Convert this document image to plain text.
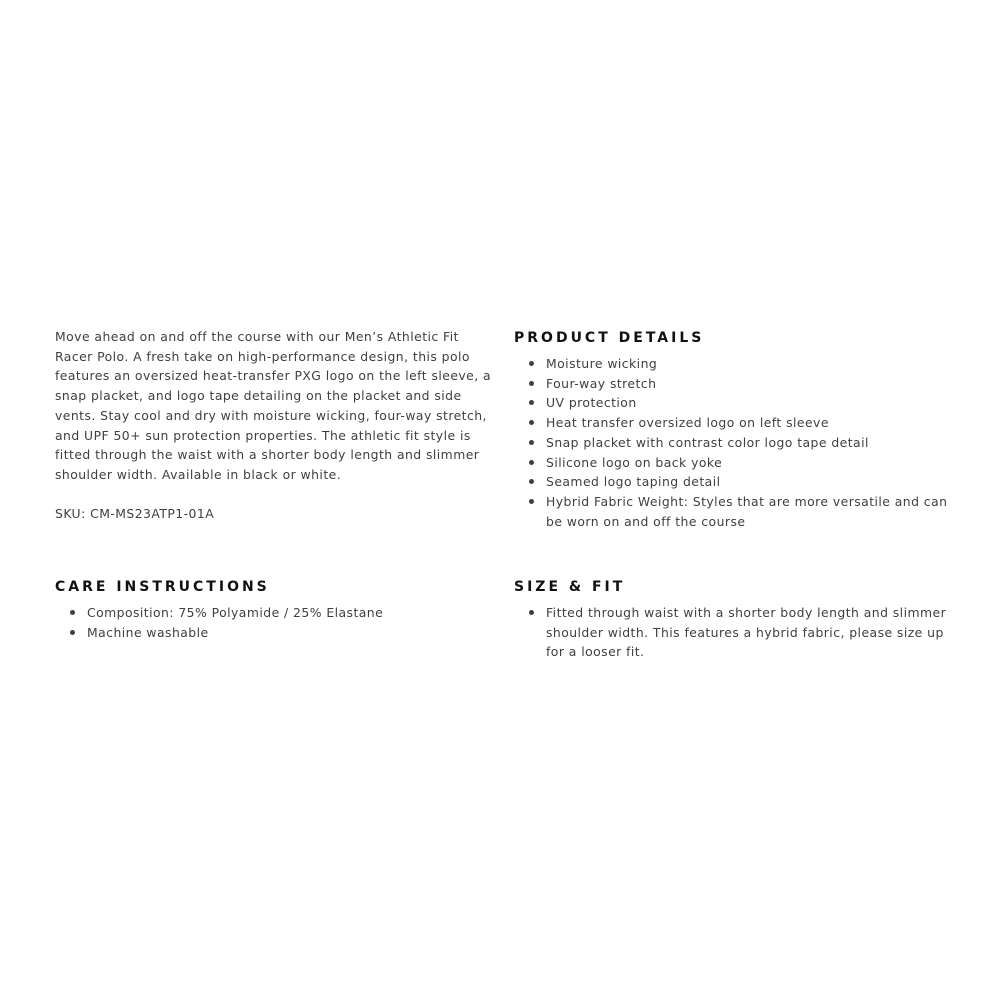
Move ahead on and off the course with our Men’s Athletic Fit Racer Polo. A fresh take on high-performance design, this polo features an oversized heat-transfer PXG logo on the left sleeve, a snap placket, and logo tape detailing on the placket and side vents. Stay cool and dry with moisture wicking, four-way stretch, and UPF 50+ sun protection properties. The athletic fit style is fitted through the waist with a shorter body length and slimmer shoulder width. Available in black or white.

SKU: CM-MS23ATP1-01A

PRODUCT DETAILS
Moisture wicking
Four-way stretch
UV protection
Heat transfer oversized logo on left sleeve
Snap placket with contrast color logo tape detail
Silicone logo on back yoke
Seamed logo taping detail
Hybrid Fabric Weight: Styles that are more versatile and can be worn on and off the course
CARE INSTRUCTIONS
Composition: 75% Polyamide / 25% Elastane
Machine washable
SIZE & FIT
Fitted through waist with a shorter body length and slimmer shoulder width. This features a hybrid fabric, please size up for a looser fit.
